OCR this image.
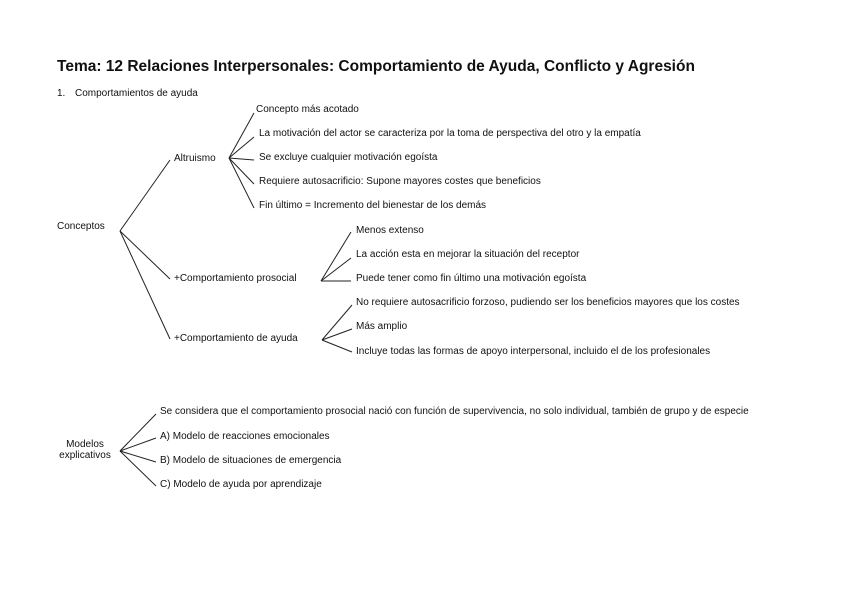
Tema: 12 Relaciones Interpersonales: Comportamiento de Ayuda, Conflicto y Agresión
1. Comportamientos de ayuda
Conceptos
Altruismo
Concepto más acotado
La motivación del actor se caracteriza por la toma de perspectiva del otro y la empatía
Se excluye cualquier motivación egoísta
Requiere autosacrificio: Supone mayores costes que beneficios
Fin último = Incremento del bienestar de los demás
+Comportamiento prosocial
Menos extenso
La acción esta en mejorar la situación del receptor
Puede tener como fin último una motivación egoísta
+Comportamiento de ayuda
No requiere autosacrificio forzoso, pudiendo ser los beneficios mayores que los costes
Más amplio
Incluye todas las formas de apoyo interpersonal, incluido el de los profesionales
Modelos
explicativos
Se considera que el comportamiento prosocial nació con función de supervivencia, no solo individual, también de grupo y de especie
A) Modelo de reacciones emocionales
B) Modelo de situaciones de emergencia
C) Modelo de ayuda por aprendizaje
